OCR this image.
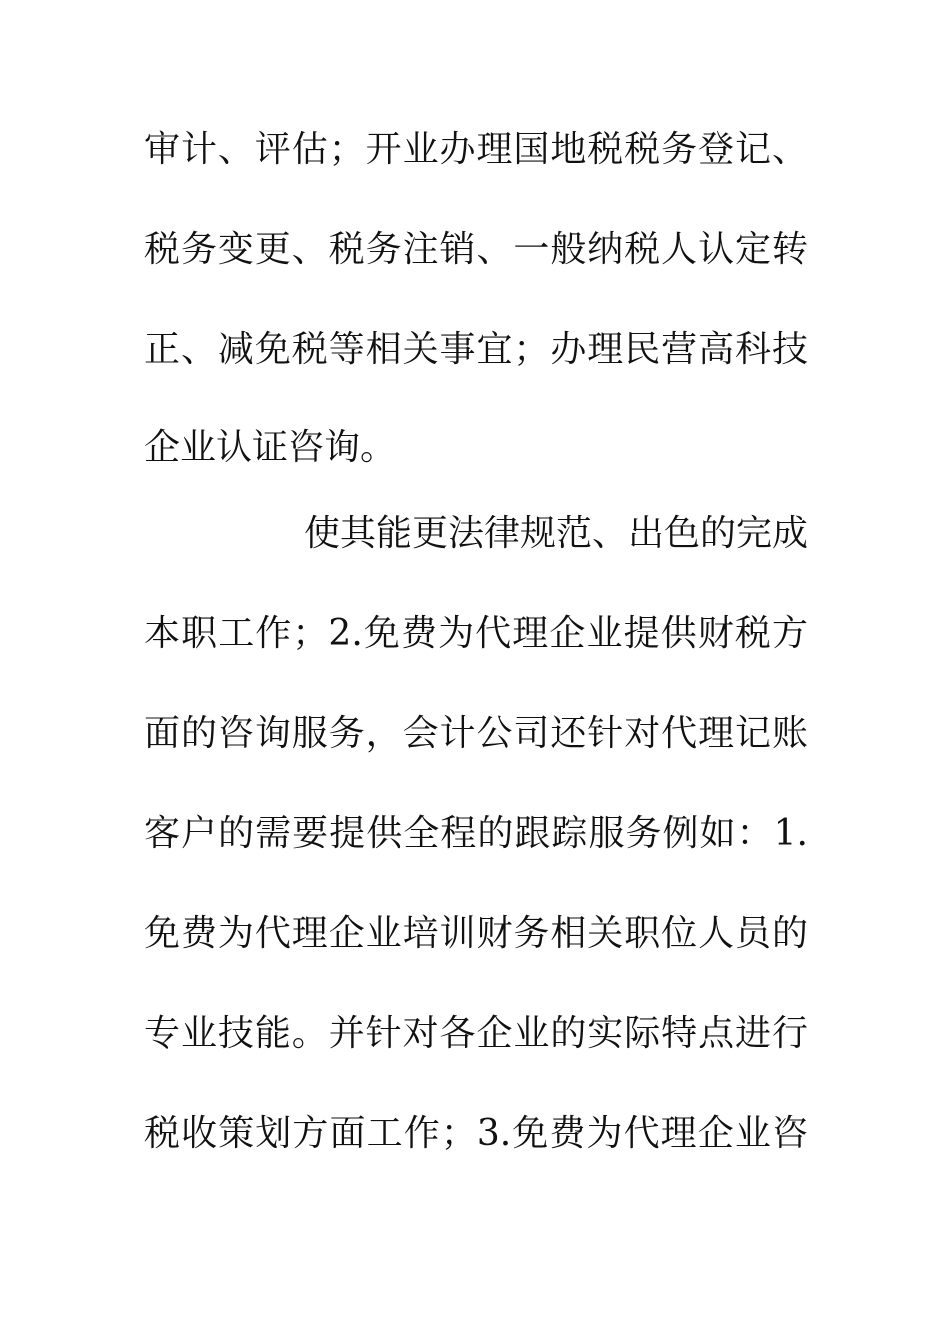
审计、评估；开业办理国地税税务登记、
税务变更、税务注销、一般纳税人认定转
正、减免税等相关事宜；办理民营高科技
企业认证咨询。
使其能更法律规范、出色的完成
本职工作；2.免费为代理企业提供财税方
面的咨询服务，会计公司还针对代理记账
客户的需要提供全程的跟踪服务例如：1.
免费为代理企业培训财务相关职位人员的
专业技能。并针对各企业的实际特点进行
税收策划方面工作；3.免费为代理企业咨
